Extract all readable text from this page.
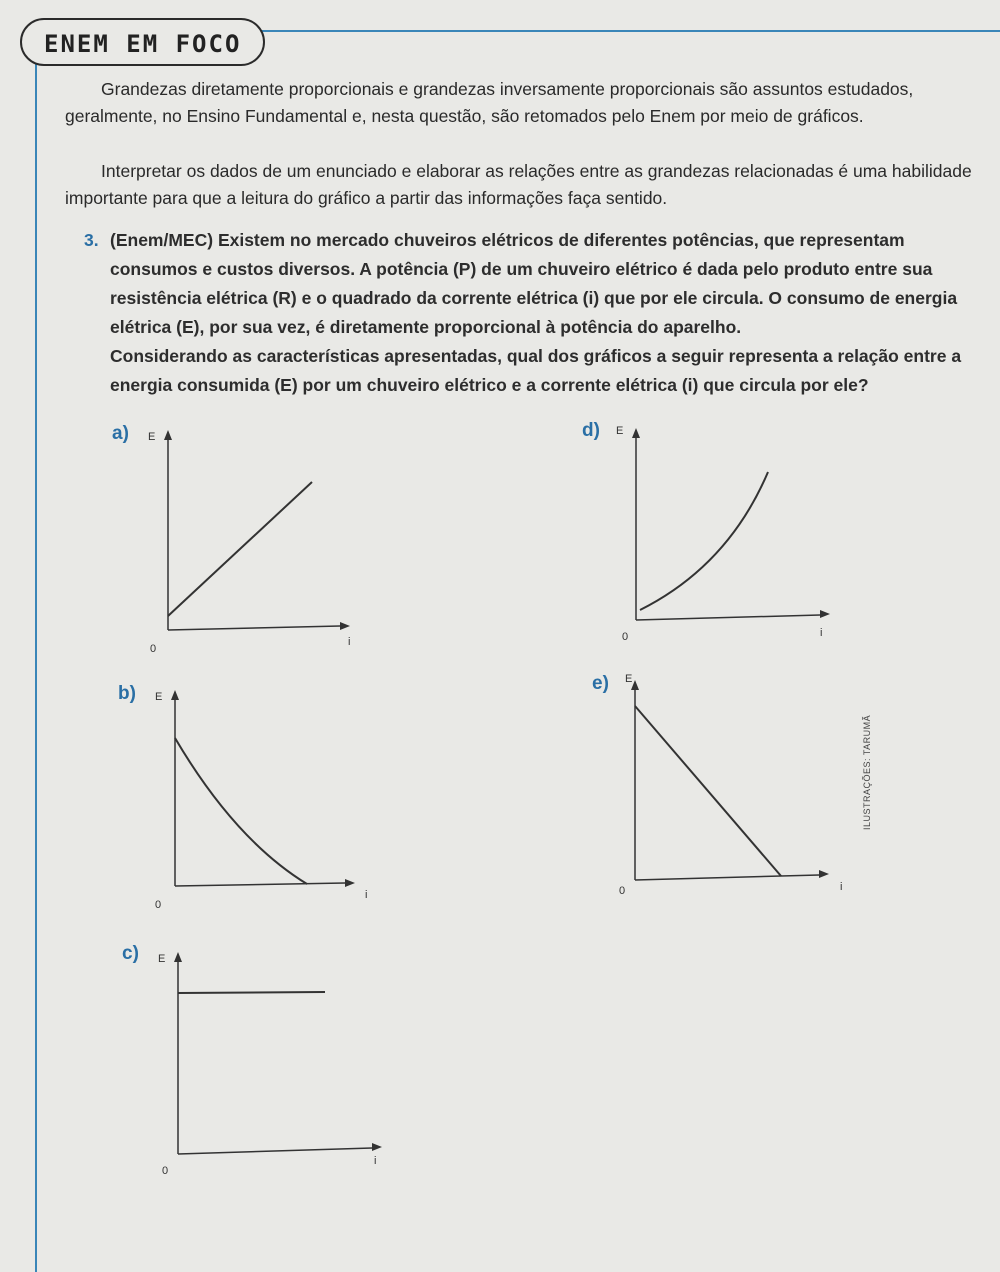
ENEM EM FOCO

Grandezas diretamente proporcionais e grandezas inversamente proporcionais são assuntos estudados, geralmente, no Ensino Fundamental e, nesta questão, são retomados pelo Enem por meio de gráficos.

Interpretar os dados de um enunciado e elaborar as relações entre as grandezas relacionadas é uma habilidade importante para que a leitura do gráfico a partir das informações faça sentido.

3. (Enem/MEC) Existem no mercado chuveiros elétricos de diferentes potências, que representam consumos e custos diversos. A potência (P) de um chuveiro elétrico é dada pelo produto entre sua resistência elétrica (R) e o quadrado da corrente elétrica (i) que por ele circula. O consumo de energia elétrica (E), por sua vez, é diretamente proporcional à potência do aparelho.
Considerando as características apresentadas, qual dos gráficos a seguir representa a relação entre a energia consumida (E) por um chuveiro elétrico e a corrente elétrica (i) que circula por ele?
a) E
i
0
b) E
i
0
c) E
i
0
d) E
i
0
e) E
i
0
ILUSTRAÇÕES: TARUMÃ
